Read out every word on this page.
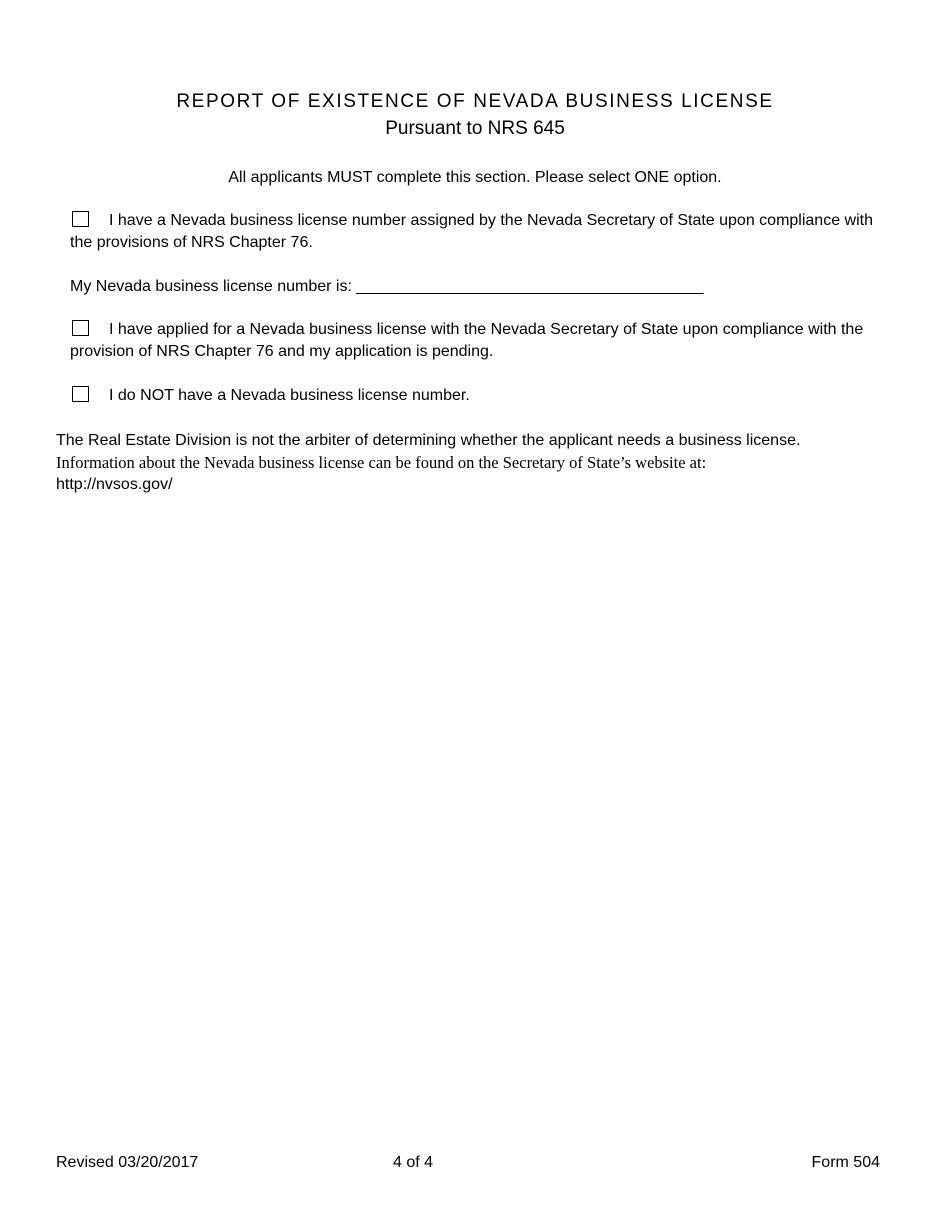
REPORT OF EXISTENCE OF NEVADA BUSINESS LICENSE
Pursuant to NRS 645
All applicants MUST complete this section. Please select ONE option.
I have a Nevada business license number assigned by the Nevada Secretary of State upon compliance with the provisions of NRS Chapter 76.
My Nevada business license number is: _______________________________________
I have applied for a Nevada business license with the Nevada Secretary of State upon compliance with the provision of NRS Chapter 76 and my application is pending.
I do NOT have a Nevada business license number.
The Real Estate Division is not the arbiter of determining whether the applicant needs a business license.
Information about the Nevada business license can be found on the Secretary of State’s website at:
http://nvsos.gov/
Revised 03/20/2017	4 of 4	Form 504
